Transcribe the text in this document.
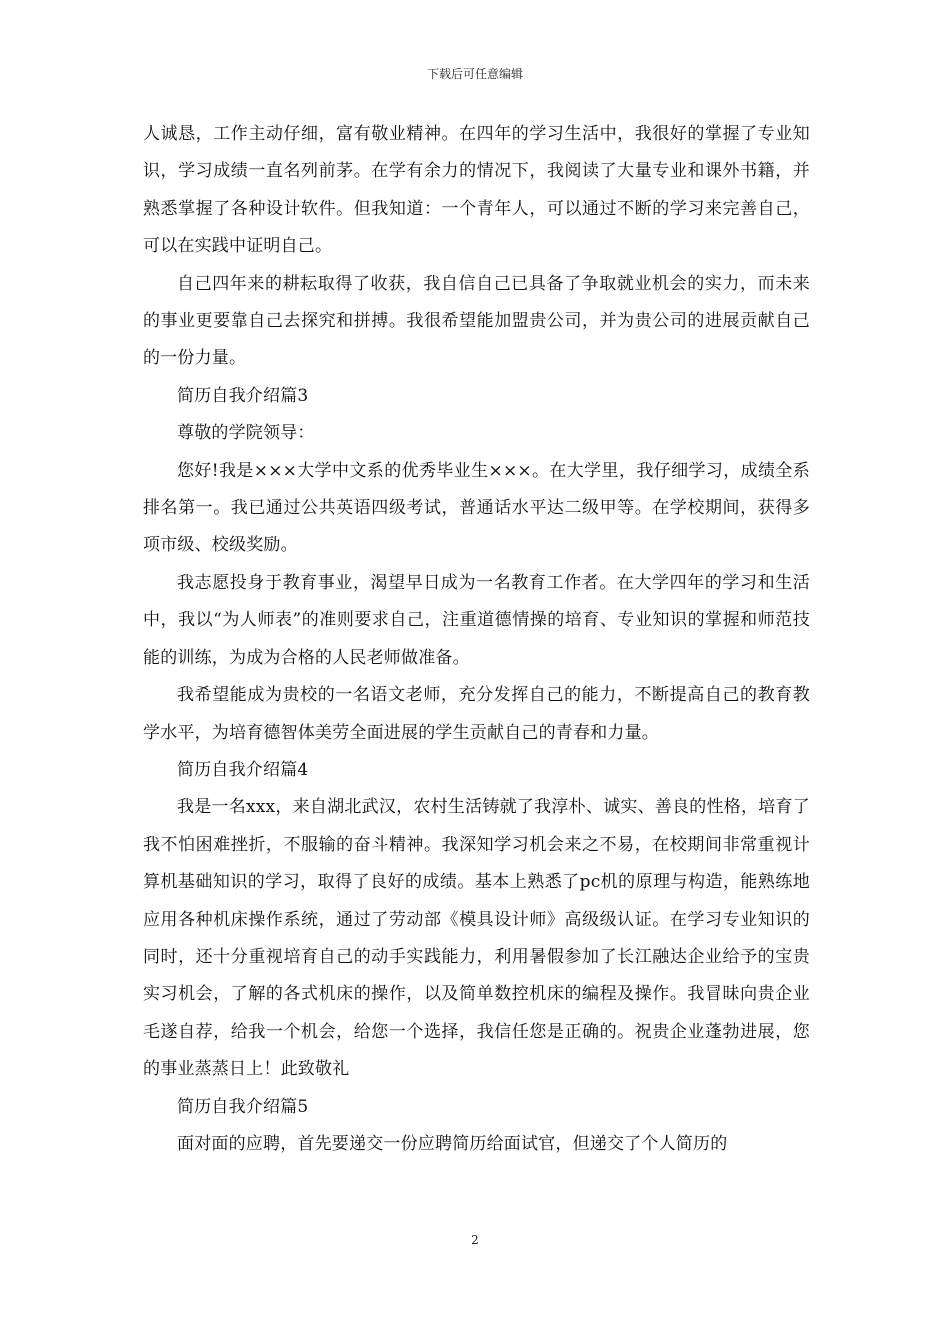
下载后可任意编辑

人诚恳，工作主动仔细，富有敬业精神。在四年的学习生活中，我很好的掌握了专业知识，学习成绩一直名列前茅。在学有余力的情况下，我阅读了大量专业和课外书籍，并熟悉掌握了各种设计软件。但我知道：一个青年人，可以通过不断的学习来完善自己，可以在实践中证明自己。

自己四年来的耕耘取得了收获，我自信自己已具备了争取就业机会的实力，而未来的事业更要靠自己去探究和拼搏。我很希望能加盟贵公司，并为贵公司的进展贡献自己的一份力量。

简历自我介绍篇3

尊敬的学院领导：

您好!我是×××大学中文系的优秀毕业生×××。在大学里，我仔细学习，成绩全系排名第一。我已通过公共英语四级考试，普通话水平达二级甲等。在学校期间，获得多项市级、校级奖励。

我志愿投身于教育事业，渴望早日成为一名教育工作者。在大学四年的学习和生活中，我以“为人师表”的准则要求自己，注重道德情操的培育、专业知识的掌握和师范技能的训练，为成为合格的人民老师做准备。

我希望能成为贵校的一名语文老师，充分发挥自己的能力，不断提高自己的教育教学水平，为培育德智体美劳全面进展的学生贡献自己的青春和力量。

简历自我介绍篇4

我是一名xxx，来自湖北武汉，农村生活铸就了我淳朴、诚实、善良的性格，培育了我不怕困难挫折，不服输的奋斗精神。我深知学习机会来之不易，在校期间非常重视计算机基础知识的学习，取得了良好的成绩。基本上熟悉了pc机的原理与构造，能熟练地应用各种机床操作系统，通过了劳动部《模具设计师》高级级认证。在学习专业知识的同时，还十分重视培育自己的动手实践能力，利用暑假参加了长江融达企业给予的宝贵实习机会，了解的各式机床的操作，以及简单数控机床的编程及操作。我冒昧向贵企业毛遂自荐，给我一个机会，给您一个选择，我信任您是正确的。祝贵企业蓬勃进展，您的事业蒸蒸日上！此致敬礼

简历自我介绍篇5

面对面的应聘，首先要递交一份应聘简历给面试官，但递交了个人简历的

2
